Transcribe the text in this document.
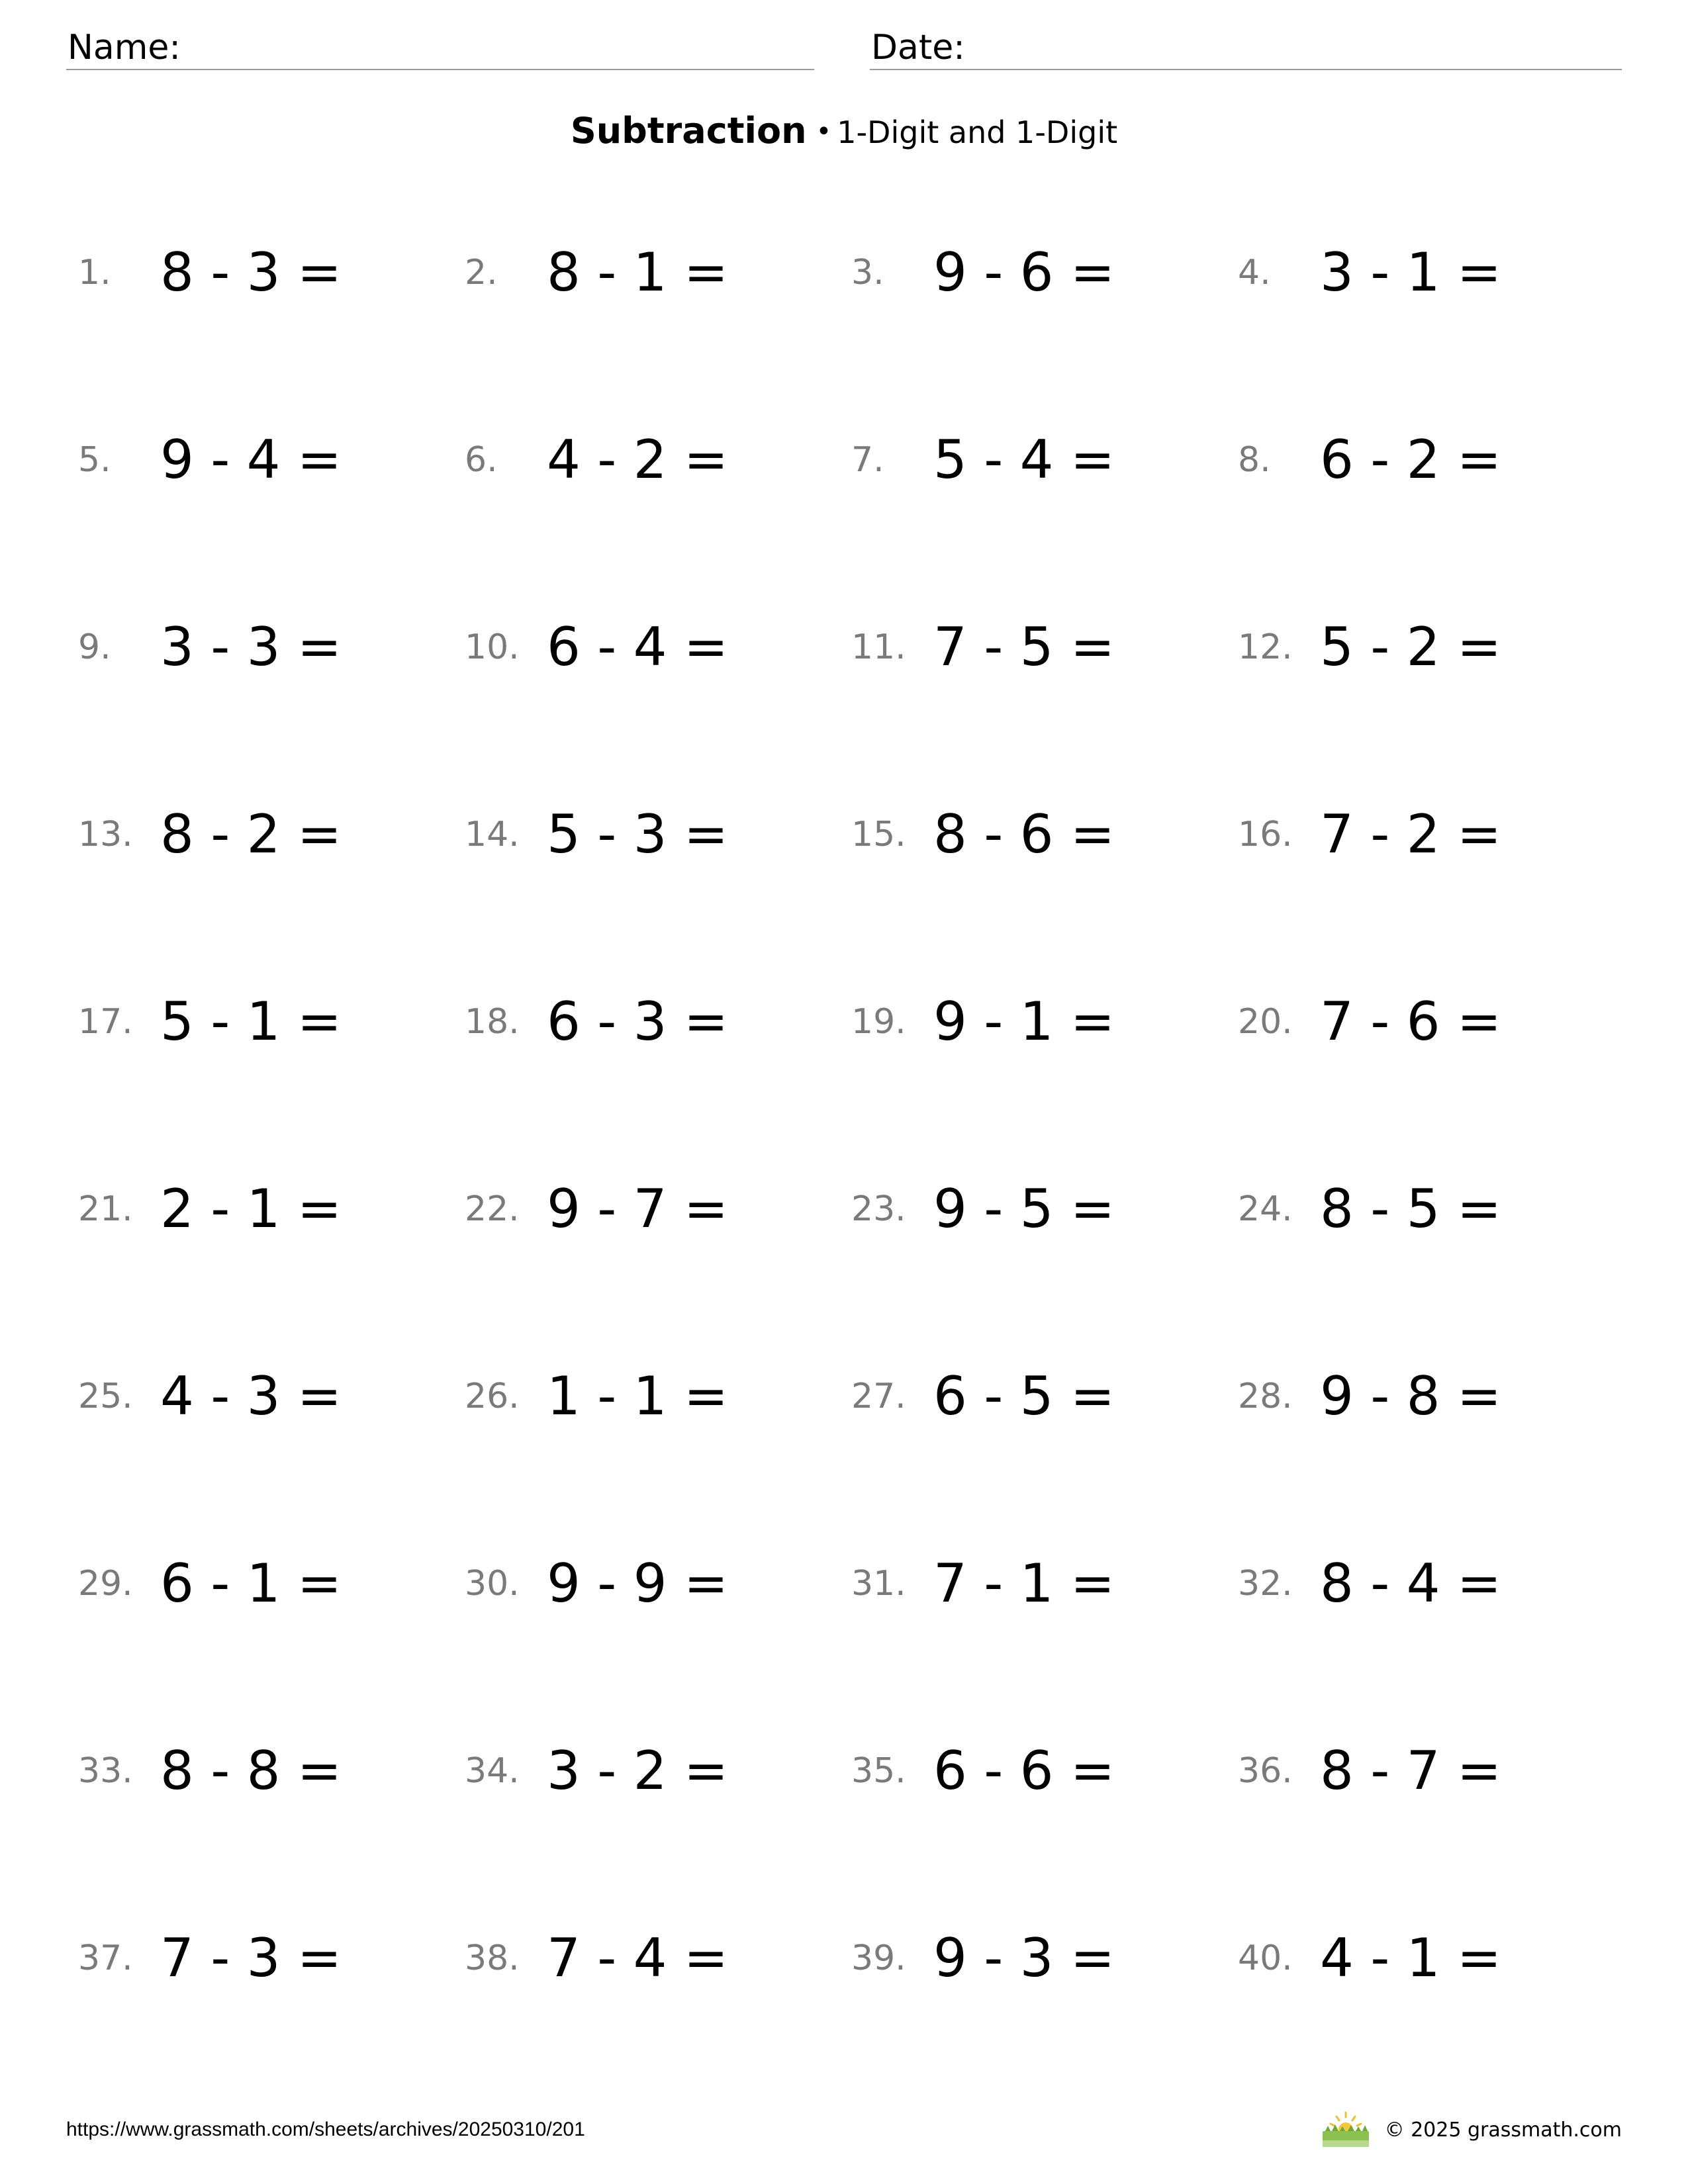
Name:	Date:
Subtraction • 1-Digit and 1-Digit
1. 8 - 3 =	2. 8 - 1 =	3. 9 - 6 =	4. 3 - 1 =
5. 9 - 4 =	6. 4 - 2 =	7. 5 - 4 =	8. 6 - 2 =
9. 3 - 3 =	10. 6 - 4 =	11. 7 - 5 =	12. 5 - 2 =
13. 8 - 2 =	14. 5 - 3 =	15. 8 - 6 =	16. 7 - 2 =
17. 5 - 1 =	18. 6 - 3 =	19. 9 - 1 =	20. 7 - 6 =
21. 2 - 1 =	22. 9 - 7 =	23. 9 - 5 =	24. 8 - 5 =
25. 4 - 3 =	26. 1 - 1 =	27. 6 - 5 =	28. 9 - 8 =
29. 6 - 1 =	30. 9 - 9 =	31. 7 - 1 =	32. 8 - 4 =
33. 8 - 8 =	34. 3 - 2 =	35. 6 - 6 =	36. 8 - 7 =
37. 7 - 3 =	38. 7 - 4 =	39. 9 - 3 =	40. 4 - 1 =
https://www.grassmath.com/sheets/archives/20250310/201	© 2025 grassmath.com
